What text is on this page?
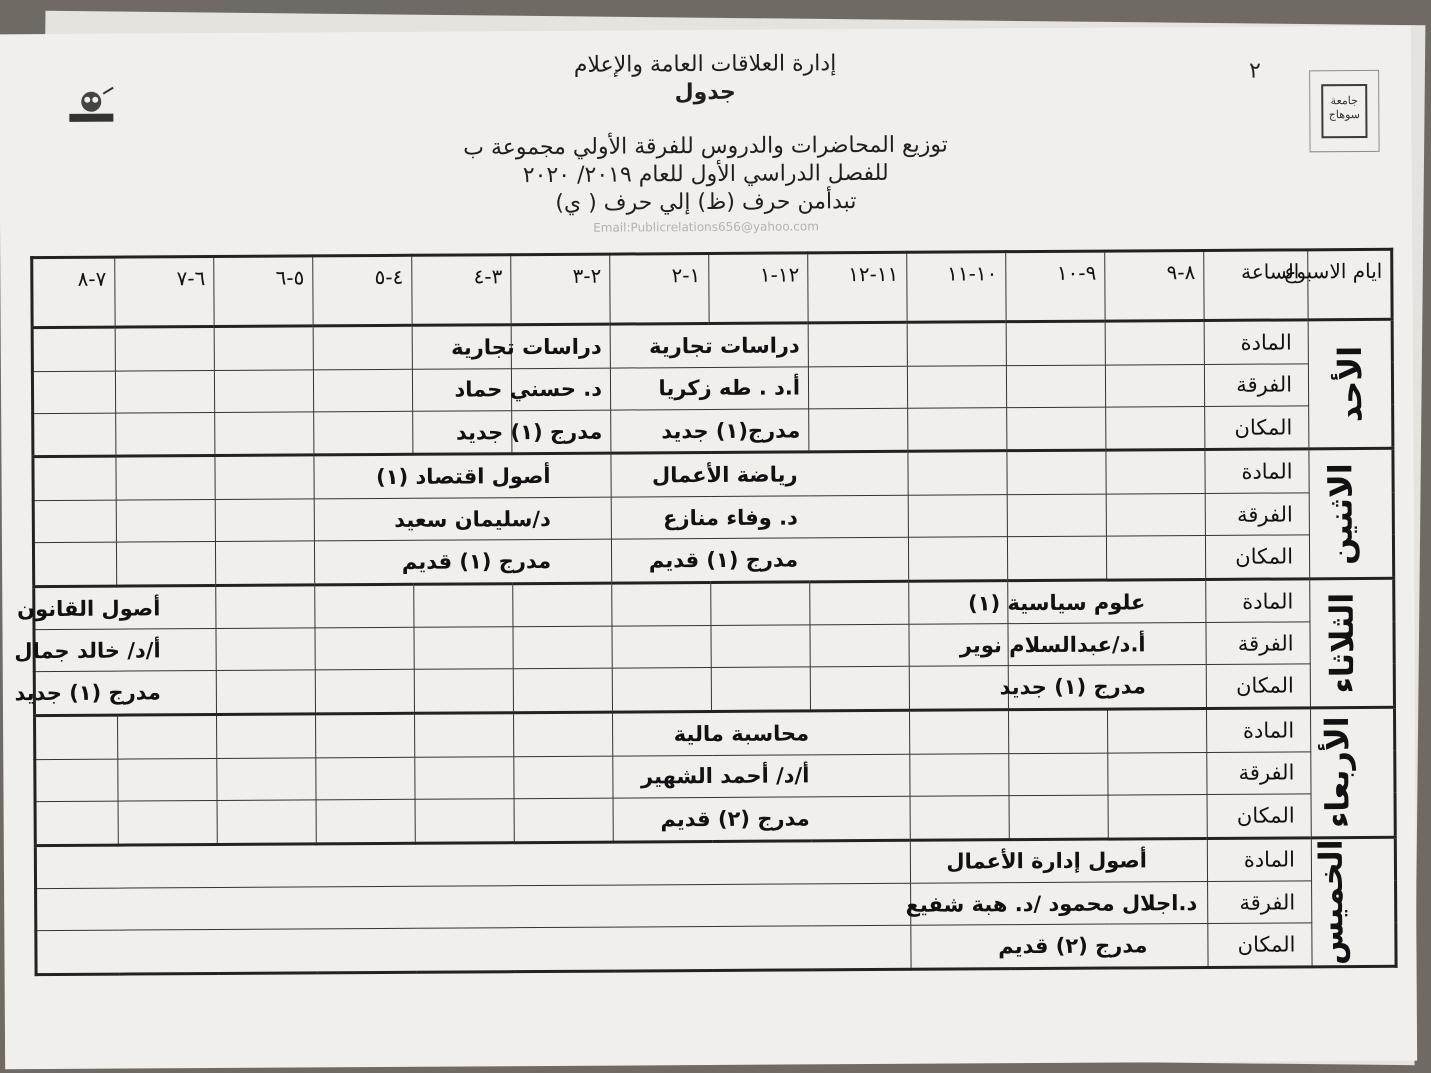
إدارة العلاقات العامة والإعلام
جدول
توزيع المحاضرات والدروس للفرقة الأولي مجموعة ب
للفصل الدراسي الأول للعام ٢٠١٩/ ٢٠٢٠
تبدأمن حرف (ظ) إلي حرف ( ي)
Email:Publicrelations656@yahoo.com
٢
جامعة سوهاج
ايام الاسبوع	الساعة	٨-٩	٩-١٠	١٠-١١	١١-١٢	١٢-١	١-٢	٢-٣	٣-٤	٤-٥	٥-٦	٦-٧	٧-٨
الأحد	المادة					دراسات تجارية		دراسات تجارية					
	الفرقة					أ.د . طه زكريا		د. حسني حماد					
	المكان					مدرج(١) جديد		مدرج (١) جديد					
الاثنين	المادة				رياضة الأعمال			أصول اقتصاد (١)					
	الفرقة				د. وفاء منازع			د/سليمان سعيد					
	المكان				مدرج (١) قديم			مدرج (١) قديم					
الثلاثاء	المادة	علوم سياسية (١)										أصول القانون	
	الفرقة	أ.د/عبدالسلام نوير										أ/د/ خالد جمال	
	المكان	مدرج (١) جديد										مدرج (١) جديد	
الأربعاء	المادة				محاسبة مالية								
	الفرقة				أ/د/ أحمد الشهير								
	المكان				مدرج (٢) قديم								
الخميس	المادة	أصول إدارة الأعمال											
	الفرقة	د.اجلال محمود /د. هبة شفيع											
	المكان	مدرج (٢) قديم											
